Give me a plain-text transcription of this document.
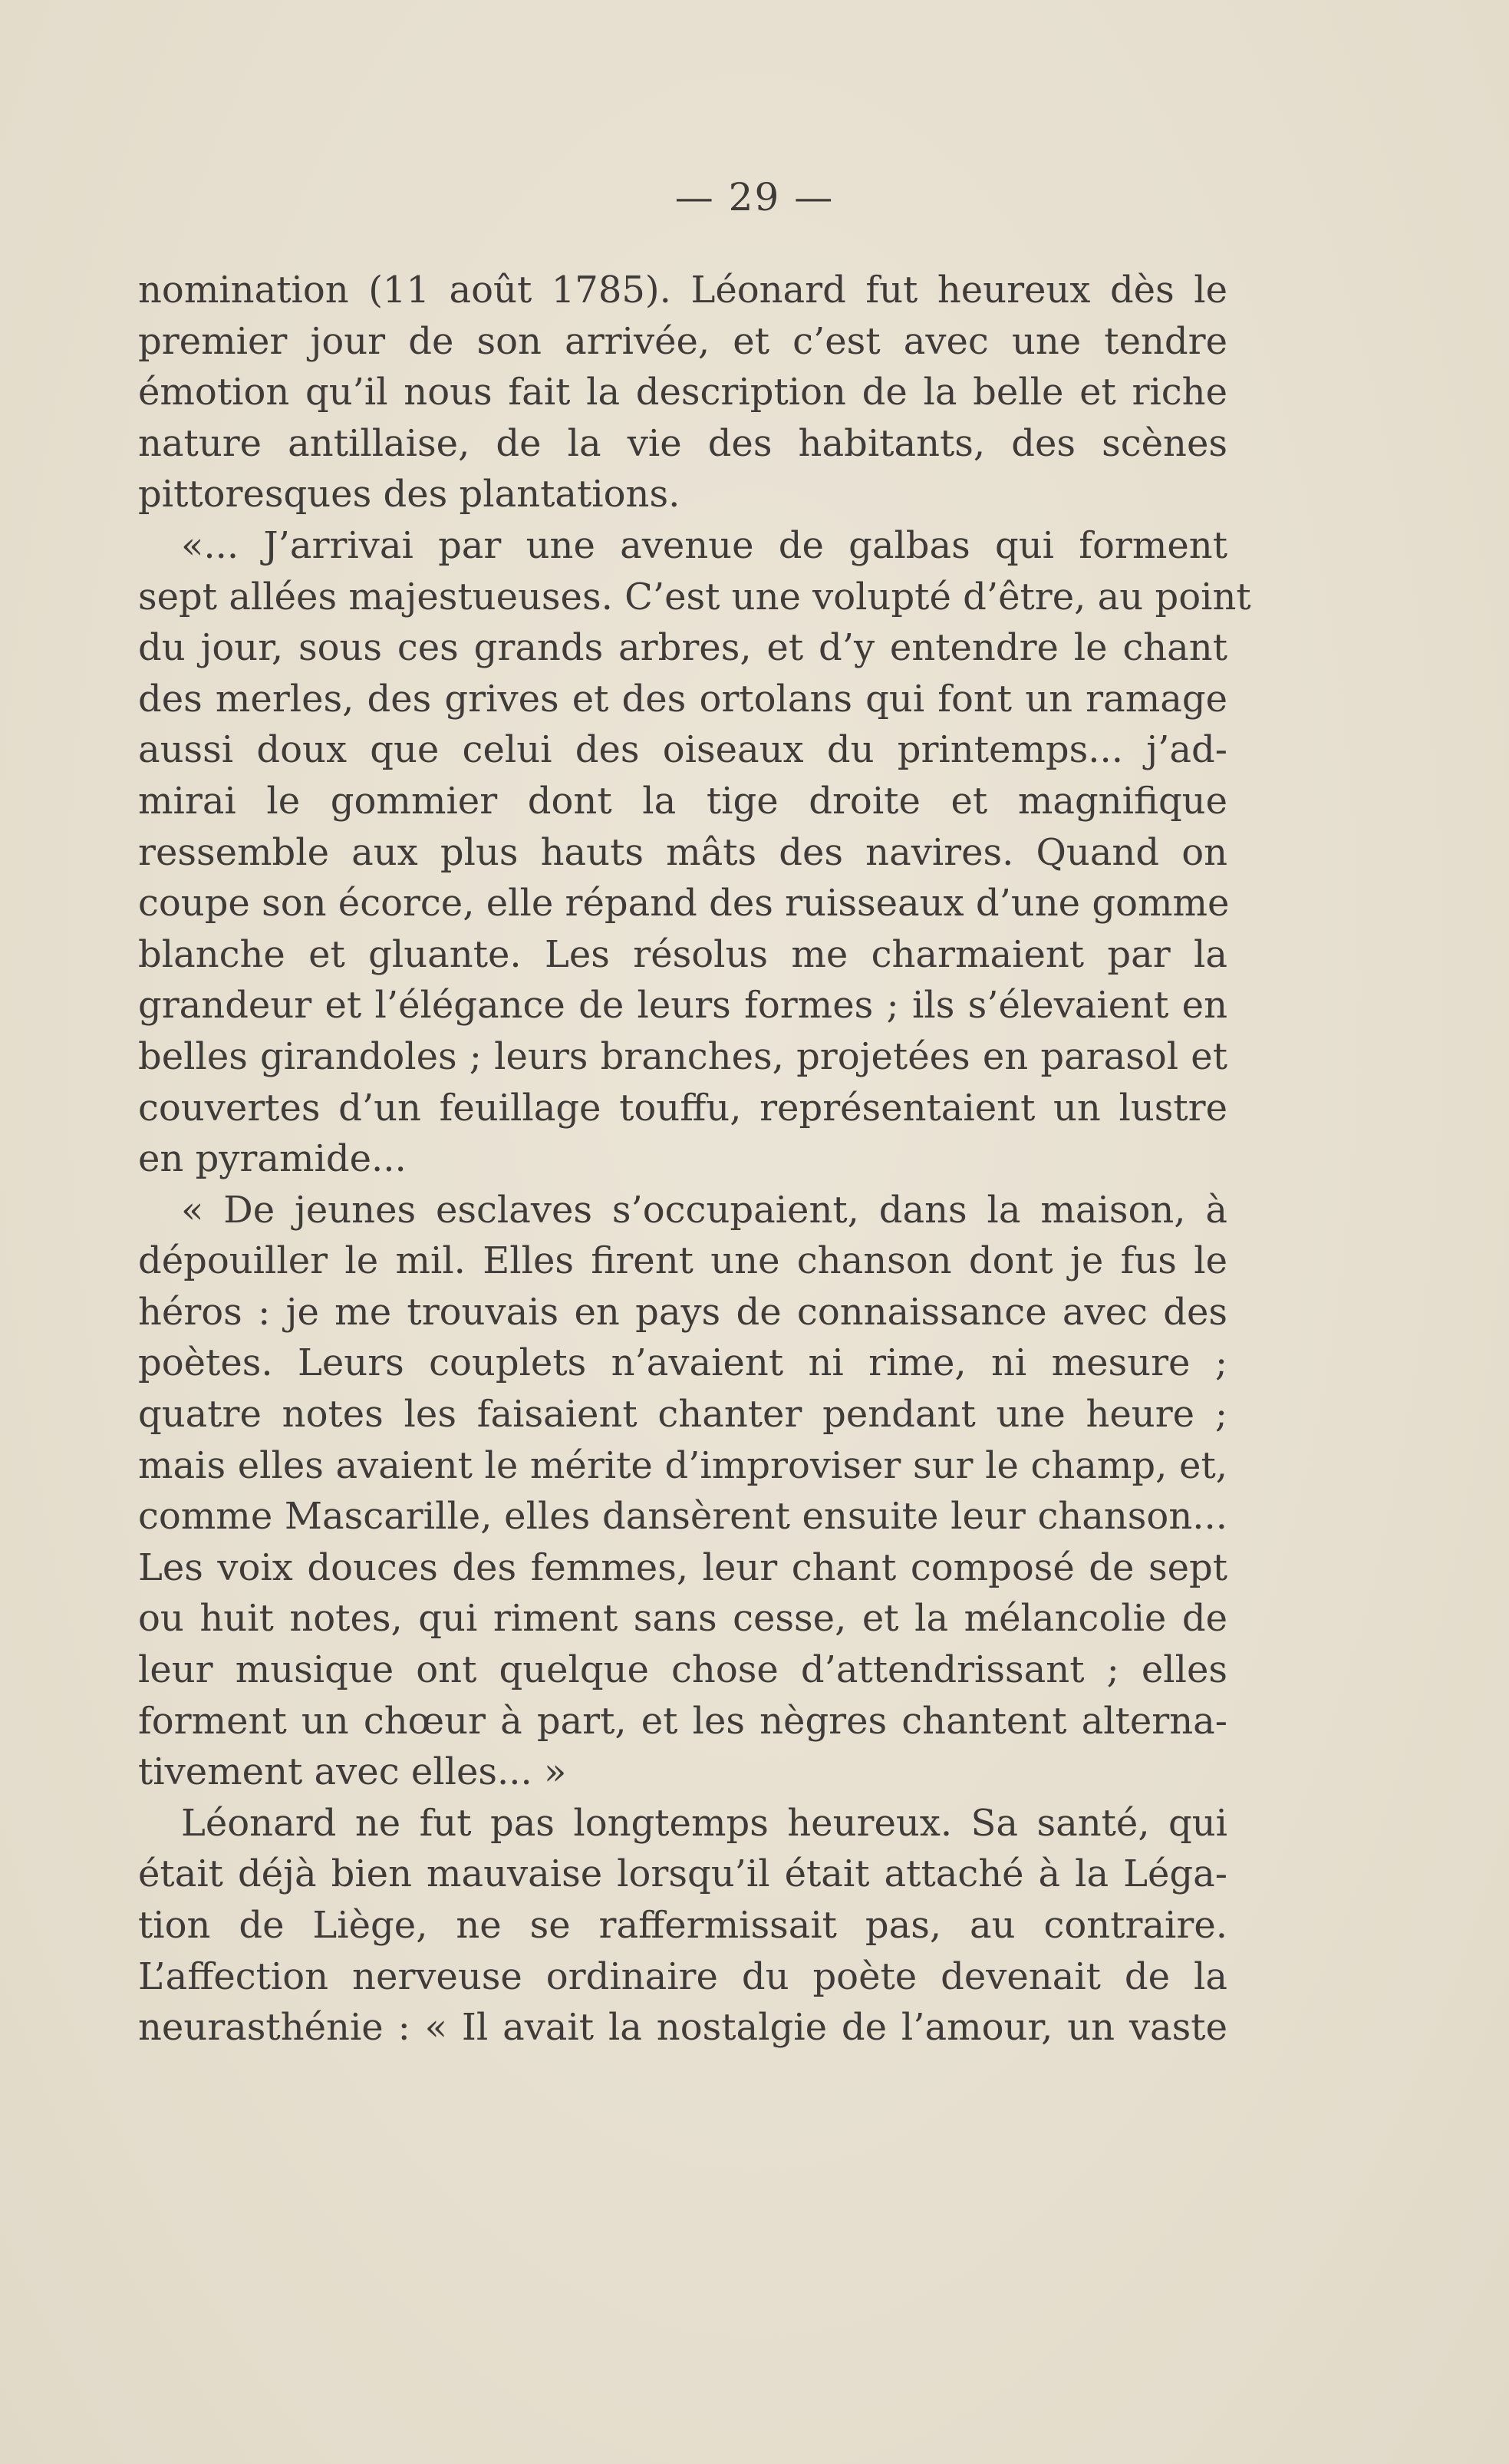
— 29 —
nomination (11 août 1785). Léonard fut heureux dès le
premier jour de son arrivée, et c’est avec une tendre
émotion qu’il nous fait la description de la belle et riche
nature antillaise, de la vie des habitants, des scènes
pittoresques des plantations.
«... J’arrivai par une avenue de galbas qui forment
sept allées majestueuses. C’est une volupté d’être, au point
du jour, sous ces grands arbres, et d’y entendre le chant
des merles, des grives et des ortolans qui font un ramage
aussi doux que celui des oiseaux du printemps... j’ad-
mirai le gommier dont la tige droite et magnifique
ressemble aux plus hauts mâts des navires. Quand on
coupe son écorce, elle répand des ruisseaux d’une gomme
blanche et gluante. Les résolus me charmaient par la
grandeur et l’élégance de leurs formes ; ils s’élevaient en
belles girandoles ; leurs branches, projetées en parasol et
couvertes d’un feuillage touffu, représentaient un lustre
en pyramide...
« De jeunes esclaves s’occupaient, dans la maison, à
dépouiller le mil. Elles firent une chanson dont je fus le
héros : je me trouvais en pays de connaissance avec des
poètes. Leurs couplets n’avaient ni rime, ni mesure ;
quatre notes les faisaient chanter pendant une heure ;
mais elles avaient le mérite d’improviser sur le champ, et,
comme Mascarille, elles dansèrent ensuite leur chanson...
Les voix douces des femmes, leur chant composé de sept
ou huit notes, qui riment sans cesse, et la mélancolie de
leur musique ont quelque chose d’attendrissant ; elles
forment un chœur à part, et les nègres chantent alterna-
tivement avec elles... »
Léonard ne fut pas longtemps heureux. Sa santé, qui
était déjà bien mauvaise lorsqu’il était attaché à la Léga-
tion de Liège, ne se raffermissait pas, au contraire.
L’affection nerveuse ordinaire du poète devenait de la
neurasthénie : « Il avait la nostalgie de l’amour, un vaste
